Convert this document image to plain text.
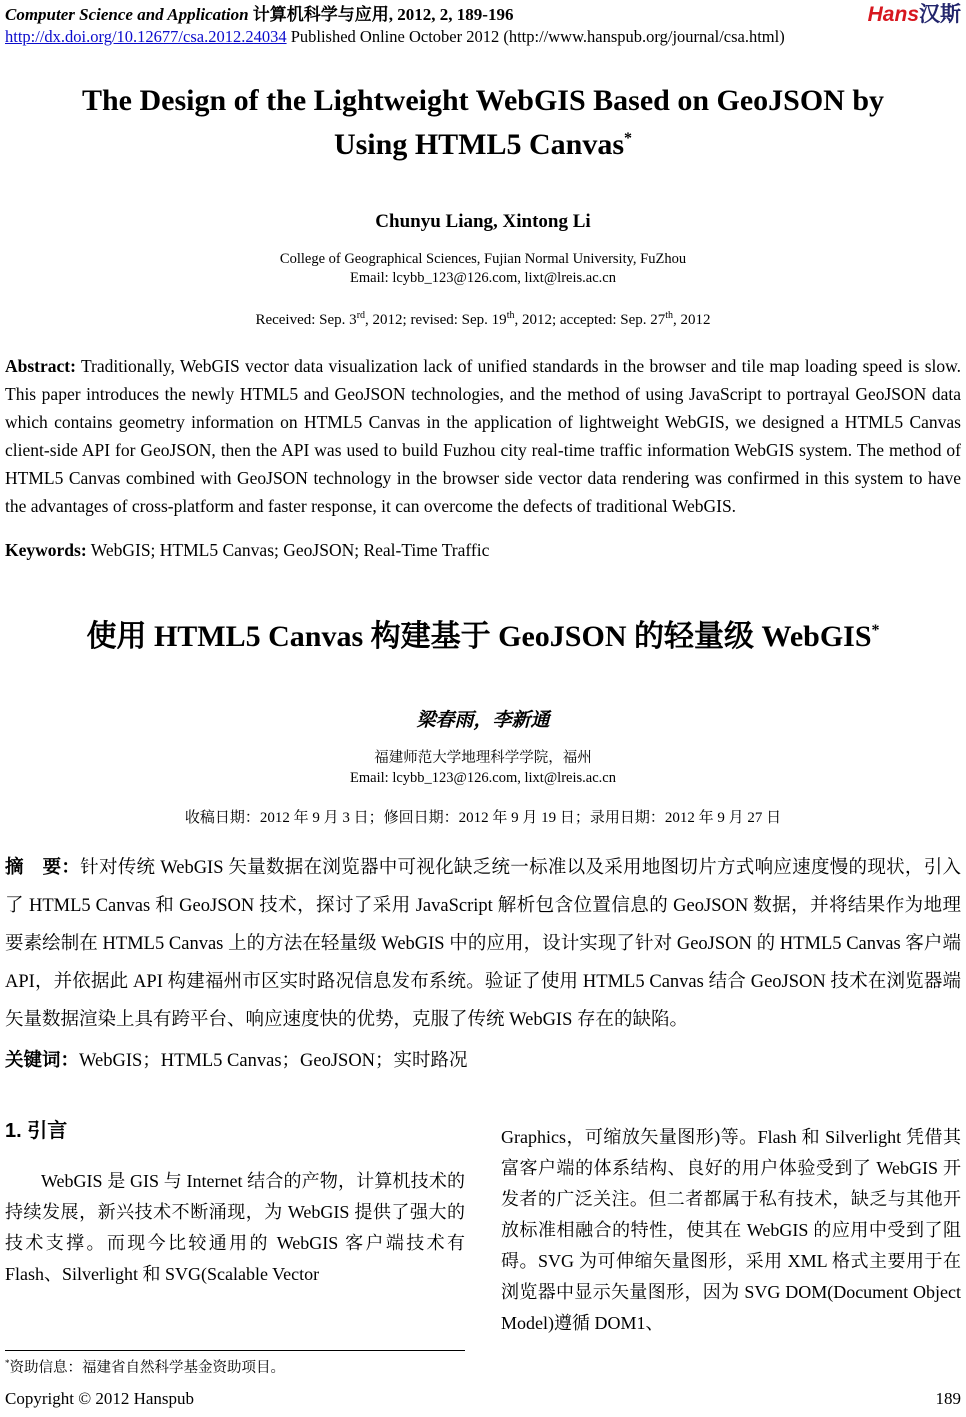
Computer Science and Application 计算机科学与应用, 2012, 2, 189-196	Hans汉斯
http://dx.doi.org/10.12677/csa.2012.24034 Published Online October 2012 (http://www.hanspub.org/journal/csa.html)
The Design of the Lightweight WebGIS Based on GeoJSON by
Using HTML5 Canvas*
Chunyu Liang, Xintong Li
College of Geographical Sciences, Fujian Normal University, FuZhou
Email: lcybb_123@126.com, lixt@lreis.ac.cn
Received: Sep. 3rd, 2012; revised: Sep. 19th, 2012; accepted: Sep. 27th, 2012
Abstract: Traditionally, WebGIS vector data visualization lack of unified standards in the browser and tile map loading speed is slow. This paper introduces the newly HTML5 and GeoJSON technologies, and the method of using JavaScript to portrayal GeoJSON data which contains geometry information on HTML5 Canvas in the application of lightweight WebGIS, we designed a HTML5 Canvas client-side API for GeoJSON, then the API was used to build Fuzhou city real-time traffic information WebGIS system. The method of HTML5 Canvas combined with GeoJSON technology in the browser side vector data rendering was confirmed in this system to have the advantages of cross-platform and faster response, it can overcome the defects of traditional WebGIS.
Keywords: WebGIS; HTML5 Canvas; GeoJSON; Real-Time Traffic
使用 HTML5 Canvas 构建基于 GeoJSON 的轻量级 WebGIS*
梁春雨，李新通
福建师范大学地理科学学院，福州
Email: lcybb_123@126.com, lixt@lreis.ac.cn
收稿日期：2012 年 9 月 3 日；修回日期：2012 年 9 月 19 日；录用日期：2012 年 9 月 27 日
摘　要：针对传统 WebGIS 矢量数据在浏览器中可视化缺乏统一标准以及采用地图切片方式响应速度慢的现状，引入了 HTML5 Canvas 和 GeoJSON 技术，探讨了采用 JavaScript 解析包含位置信息的 GeoJSON 数据，并将结果作为地理要素绘制在 HTML5 Canvas 上的方法在轻量级 WebGIS 中的应用，设计实现了针对 GeoJSON 的 HTML5 Canvas 客户端 API，并依据此 API 构建福州市区实时路况信息发布系统。验证了使用 HTML5 Canvas 结合 GeoJSON 技术在浏览器端矢量数据渲染上具有跨平台、响应速度快的优势，克服了传统 WebGIS 存在的缺陷。
关键词：WebGIS；HTML5 Canvas；GeoJSON；实时路况
1. 引言
WebGIS 是 GIS 与 Internet 结合的产物，计算机技术的持续发展，新兴技术不断涌现，为 WebGIS 提供了强大的技术支撑。而现今比较通用的 WebGIS 客户端技术有 Flash、Silverlight 和 SVG(Scalable Vector
*资助信息：福建省自然科学基金资助项目。
Graphics，可缩放矢量图形)等。Flash 和 Silverlight 凭借其富客户端的体系结构、良好的用户体验受到了 WebGIS 开发者的广泛关注。但二者都属于私有技术，缺乏与其他开放标准相融合的特性，使其在 WebGIS 的应用中受到了阻碍。SVG 为可伸缩矢量图形，采用 XML 格式主要用于在浏览器中显示矢量图形，因为 SVG DOM(Document Object Model)遵循 DOM1、
Copyright © 2012 Hanspub	189
